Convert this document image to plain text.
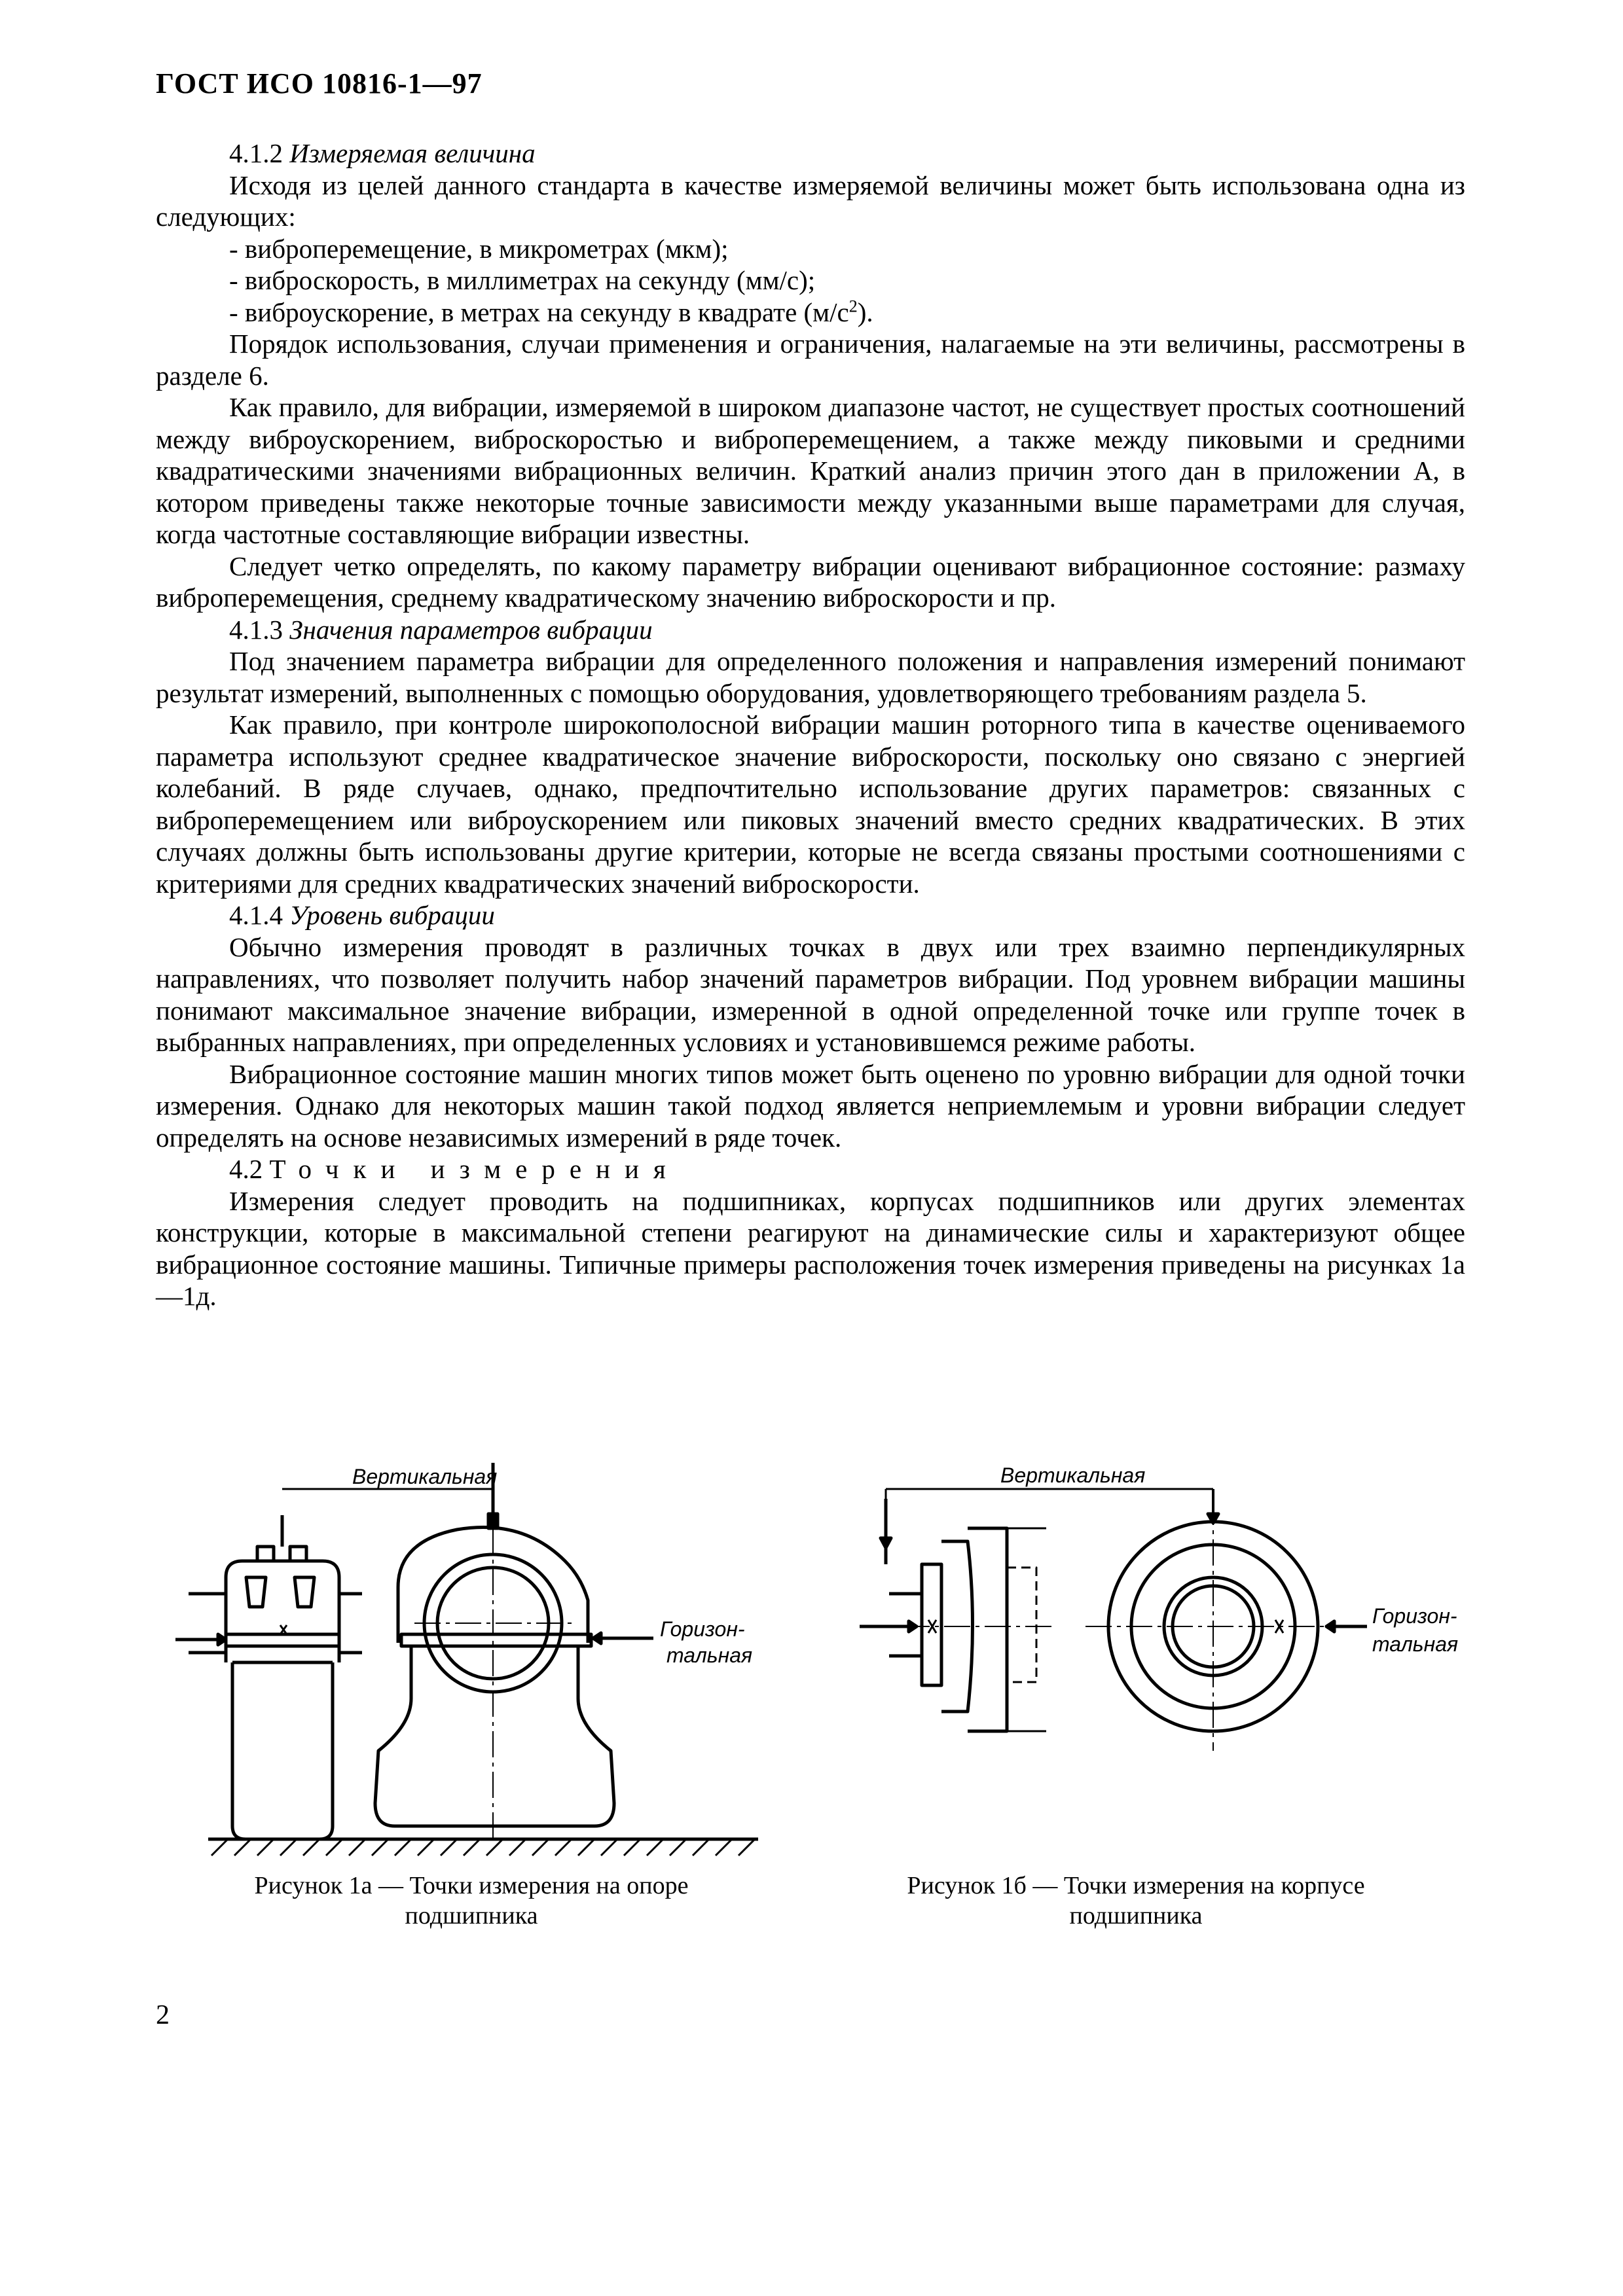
ГОСТ ИСО 10816-1—97

4.1.2 Измеряемая величина

Исходя из целей данного стандарта в качестве измеряемой величины может быть использована одна из следующих:

- виброперемещение, в микрометрах (мкм);

- виброскорость, в миллиметрах на секунду (мм/с);

- виброускорение, в метрах на секунду в квадрате $(м/с^2)$.

Порядок использования, случаи применения и ограничения, налагаемые на эти величины, рассмотрены в разделе 6.

Как правило, для вибрации, измеряемой в широком диапазоне частот, не существует простых соотношений между виброускорением, виброскоростью и виброперемещением, а также между пиковыми и средними квадратическими значениями вибрационных величин. Краткий анализ причин этого дан в приложении А, в котором приведены также некоторые точные зависимости между указанными выше параметрами для случая, когда частотные составляющие вибрации известны.

Следует четко определять, по какому параметру вибрации оценивают вибрационное состояние: размаху виброперемещения, среднему квадратическому значению виброскорости и пр.

4.1.3 Значения параметров вибрации

Под значением параметра вибрации для определенного положения и направления измерений понимают результат измерений, выполненных с помощью оборудования, удовлетворяющего требованиям раздела 5.

Как правило, при контроле широкополосной вибрации машин роторного типа в качестве оцениваемого параметра используют среднее квадратическое значение виброскорости, поскольку оно связано с энергией колебаний. В ряде случаев, однако, предпочтительно использование других параметров: связанных с виброперемещением или виброускорением или пиковых значений вместо средних квадратических. В этих случаях должны быть использованы другие критерии, которые не всегда связаны простыми соотношениями с критериями для средних квадратических значений виброскорости.

4.1.4 Уровень вибрации

Обычно измерения проводят в различных точках в двух или трех взаимно перпендикулярных направлениях, что позволяет получить набор значений параметров вибрации. Под уровнем вибрации машины понимают максимальное значение вибрации, измеренной в одной определенной точке или группе точек в выбранных направлениях, при определенных условиях и установившемся режиме работы.

Вибрационное состояние машин многих типов может быть оценено по уровню вибрации для одной точки измерения. Однако для некоторых машин такой подход является неприемлемым и уровни вибрации следует определять на основе независимых измерений в ряде точек.

4.2 Точки измерения

Измерения следует проводить на подшипниках, корпусах подшипников или других элементах конструкции, которые в максимальной степени реагируют на динамические силы и характеризуют общее вибрационное состояние машины. Типичные примеры расположения точек измерения приведены на рисунках 1а—1д.

Вертикальная
Горизон-
тальная
Вертикальная
Горизон-
тальная
Рисунок 1а — Точки измерения на опоре
подшипника
Рисунок 1б — Точки измерения на корпусе
подшипника
2
